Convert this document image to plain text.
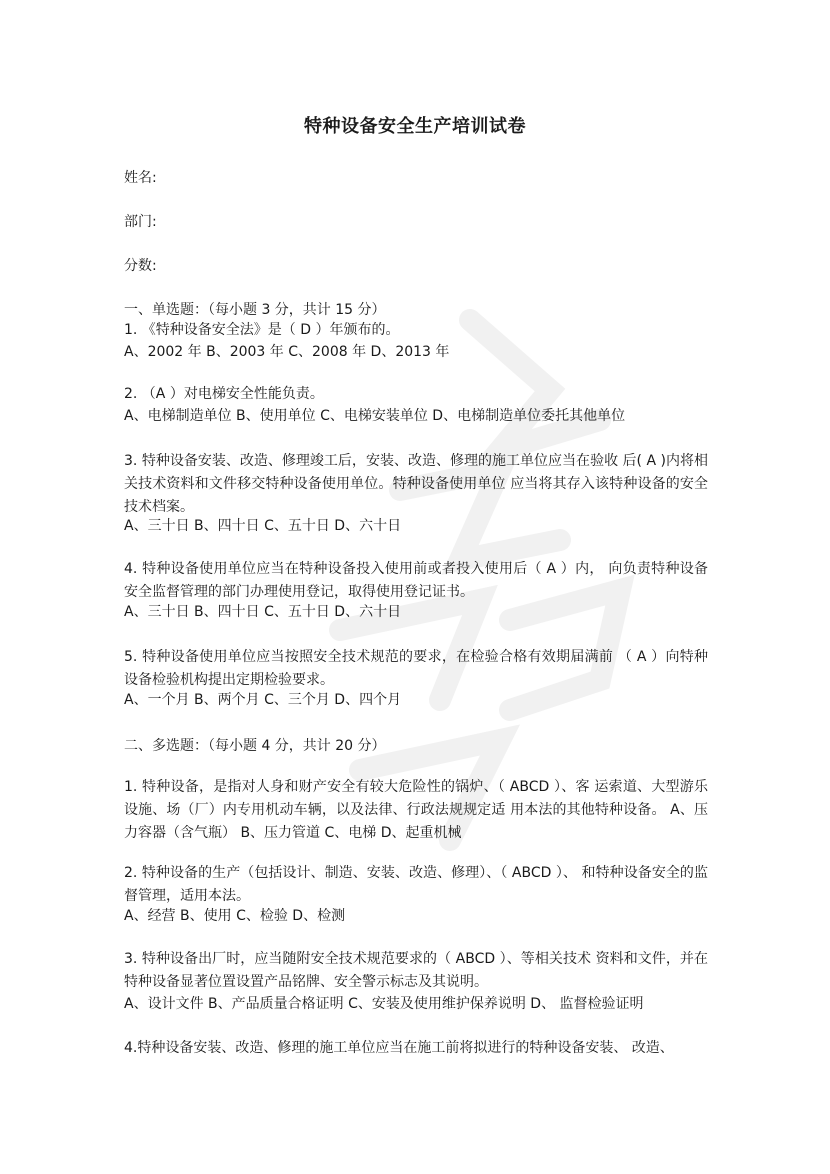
特种设备安全生产培训试卷
姓名:
部门:
分数:
一、单选题：（每小题 3 分，共计 15 分）
1. 《特种设备安全法》是（ D ）年颁布的。
A、2002 年 B、2003 年 C、2008 年 D、2013 年
2. （A ）对电梯安全性能负责。
A、电梯制造单位 B、使用单位 C、电梯安装单位 D、电梯制造单位委托其他单位
3. 特种设备安装、改造、修理竣工后，安装、改造、修理的施工单位应当在验收 后( A )内将相关技术资料和文件移交特种设备使用单位。特种设备使用单位 应当将其存入该特种设备的安全技术档案。
A、三十日 B、四十日 C、五十日 D、六十日
4. 特种设备使用单位应当在特种设备投入使用前或者投入使用后（ A ）内， 向负责特种设备安全监督管理的部门办理使用登记，取得使用登记证书。
A、三十日 B、四十日 C、五十日 D、六十日
5. 特种设备使用单位应当按照安全技术规范的要求，在检验合格有效期届满前 （ A ）向特种设备检验机构提出定期检验要求。
A、一个月 B、两个月 C、三个月 D、四个月
二、多选题：（每小题 4 分，共计 20 分）
1. 特种设备，是指对人身和财产安全有较大危险性的锅炉、（ ABCD ）、客 运索道、大型游乐设施、场（厂）内专用机动车辆，以及法律、行政法规规定适 用本法的其他特种设备。 A、压力容器（含气瓶） B、压力管道 C、电梯 D、起重机械
2. 特种设备的生产（包括设计、制造、安装、改造、修理）、（ ABCD ）、 和特种设备安全的监督管理，适用本法。
A、经营 B、使用 C、检验 D、检测
3. 特种设备出厂时，应当随附安全技术规范要求的（ ABCD ）、等相关技术 资料和文件，并在特种设备显著位置设置产品铭牌、安全警示标志及其说明。
A、设计文件 B、产品质量合格证明 C、安装及使用维护保养说明 D、 监督检验证明
4.特种设备安装、改造、修理的施工单位应当在施工前将拟进行的特种设备安装、 改造、
